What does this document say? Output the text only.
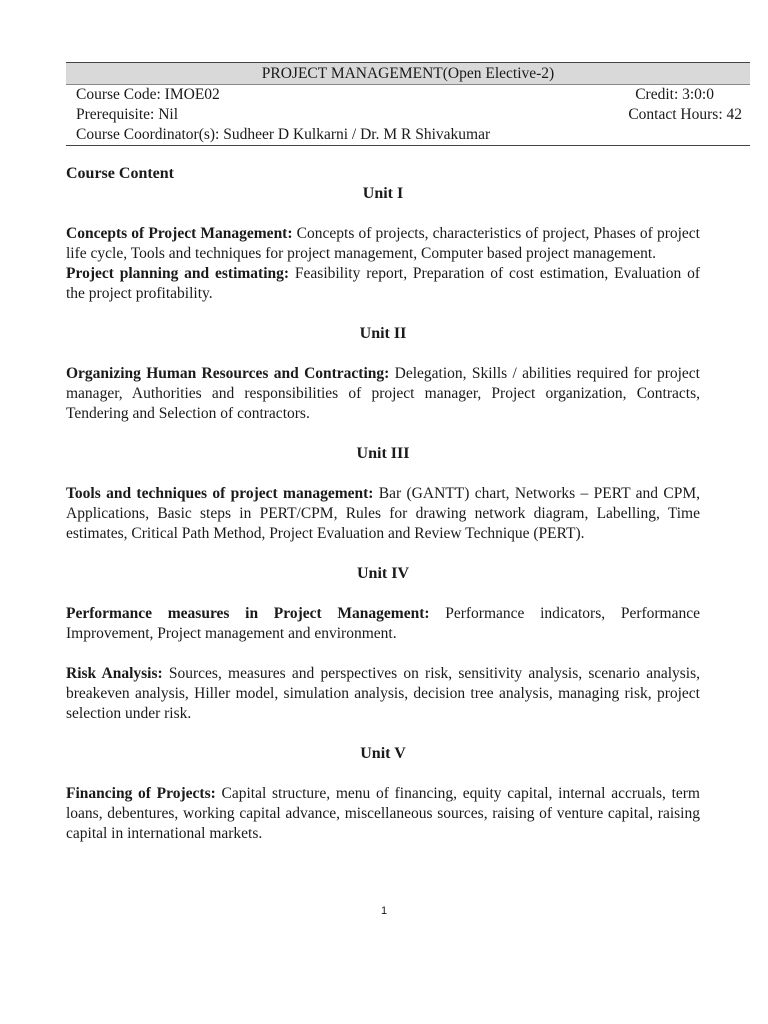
PROJECT MANAGEMENT(Open Elective-2)
Course Code: IMOE02	Credit: 3:0:0
Prerequisite: Nil	Contact Hours: 42
Course Coordinator(s): Sudheer D Kulkarni / Dr. M R Shivakumar
Course Content
Unit I

Concepts of Project Management: Concepts of projects, characteristics of project, Phases of project life cycle, Tools and techniques for project management, Computer based project management.

Project planning and estimating: Feasibility report, Preparation of cost estimation, Evaluation of the project profitability.

Unit II

Organizing Human Resources and Contracting: Delegation, Skills / abilities required for project manager, Authorities and responsibilities of project manager, Project organization, Contracts, Tendering and Selection of contractors.

Unit III

Tools and techniques of project management: Bar (GANTT) chart, Networks – PERT and CPM, Applications, Basic steps in PERT/CPM, Rules for drawing network diagram, Labelling, Time estimates, Critical Path Method, Project Evaluation and Review Technique (PERT).

Unit IV

Performance measures in Project Management: Performance indicators, Performance Improvement, Project management and environment.

Risk Analysis: Sources, measures and perspectives on risk, sensitivity analysis, scenario analysis, breakeven analysis, Hiller model, simulation analysis, decision tree analysis, managing risk, project selection under risk.

Unit V

Financing of Projects: Capital structure, menu of financing, equity capital, internal accruals, term loans, debentures, working capital advance, miscellaneous sources, raising of venture capital, raising capital in international markets.

1
